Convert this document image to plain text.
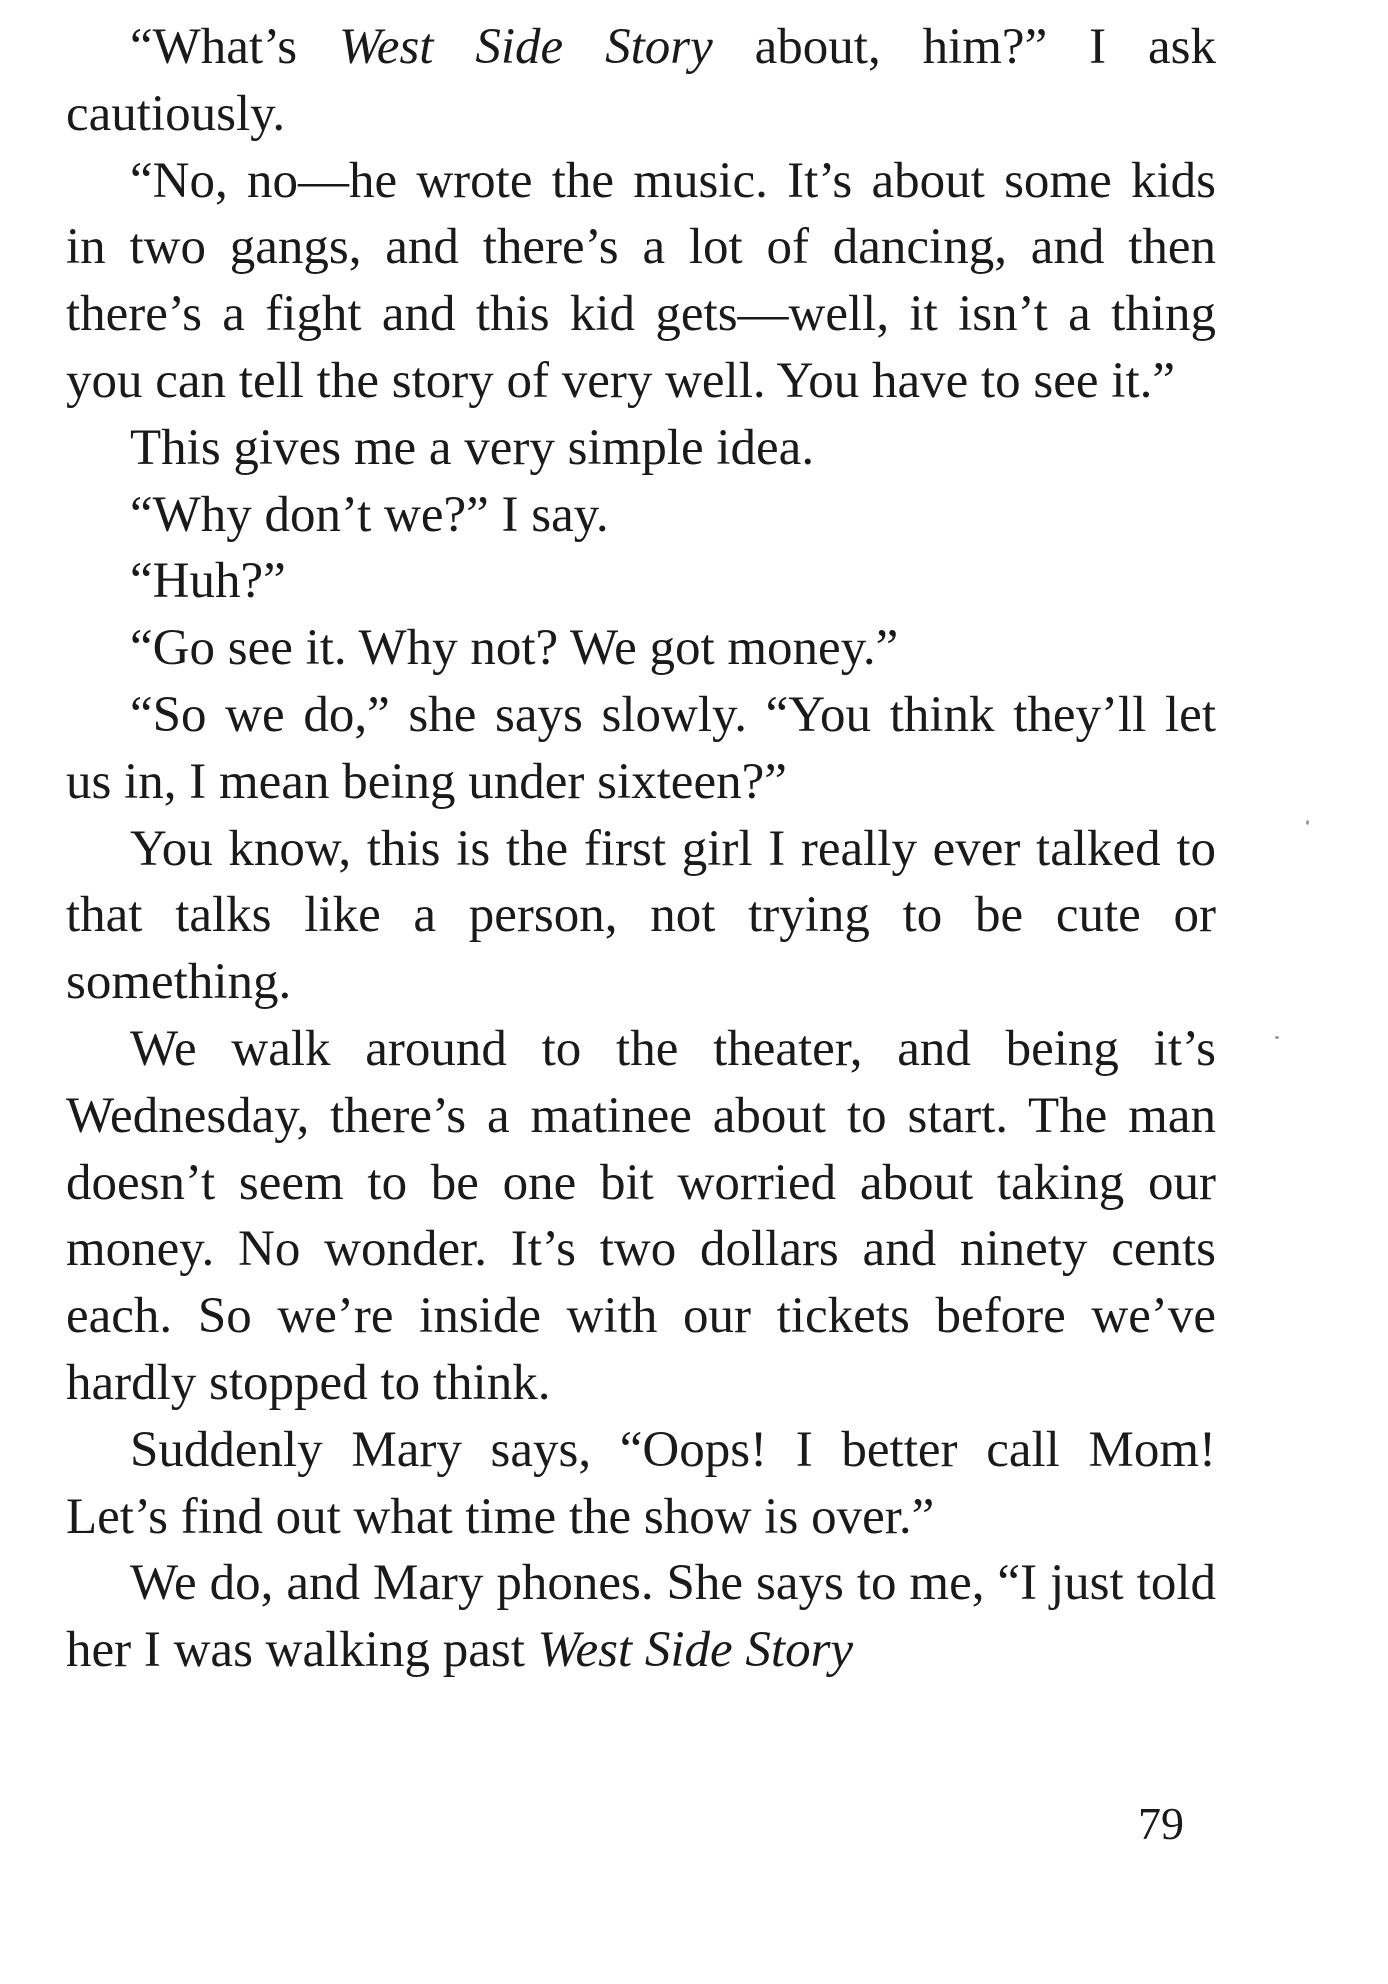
“What’s West Side Story about, him?” I ask cautiously.

“No, no—he wrote the music. It’s about some kids in two gangs, and there’s a lot of dancing, and then there’s a fight and this kid gets—well, it isn’t a thing you can tell the story of very well. You have to see it.”

This gives me a very simple idea.

“Why don’t we?” I say.

“Huh?”

“Go see it. Why not? We got money.”

“So we do,” she says slowly. “You think they’ll let us in, I mean being under sixteen?”

You know, this is the first girl I really ever talked to that talks like a person, not trying to be cute or something.

We walk around to the theater, and being it’s Wednesday, there’s a matinee about to start. The man doesn’t seem to be one bit worried about taking our money. No wonder. It’s two dollars and ninety cents each. So we’re inside with our tickets before we’ve hardly stopped to think.

Suddenly Mary says, “Oops! I better call Mom! Let’s find out what time the show is over.”

We do, and Mary phones. She says to me, “I just told her I was walking past West Side Story

79
